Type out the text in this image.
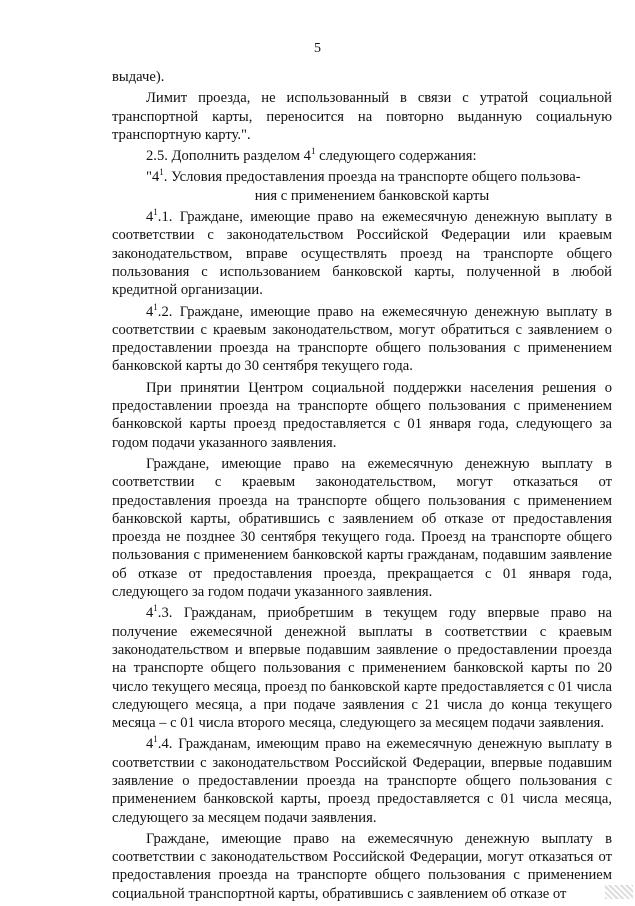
5

выдаче).

Лимит проезда, не использованный в связи с утратой социальной транспортной карты, переносится на повторно выданную социальную транспортную карту.".

2.5. Дополнить разделом $4^1$ следующего содержания:

"$4^1$. Условия предоставления проезда на транспорте общего пользова-
ния с применением банковской карты

$4^1.1$. Граждане, имеющие право на ежемесячную денежную выплату в соответствии с законодательством Российской Федерации или краевым законодательством, вправе осуществлять проезд на транспорте общего пользования с использованием банковской карты, полученной в любой кредитной организации.

$4^1.2$. Граждане, имеющие право на ежемесячную денежную выплату в соответствии с краевым законодательством, могут обратиться с заявлением о предоставлении проезда на транспорте общего пользования с применением банковской карты до 30 сентября текущего года.

При принятии Центром социальной поддержки населения решения о предоставлении проезда на транспорте общего пользования с применением банковской карты проезд предоставляется с 01 января года, следующего за годом подачи указанного заявления.

Граждане, имеющие право на ежемесячную денежную выплату в соответствии с краевым законодательством, могут отказаться от предоставления проезда на транспорте общего пользования с применением банковской карты, обратившись с заявлением об отказе от предоставления проезда не позднее 30 сентября текущего года. Проезд на транспорте общего пользования с применением банковской карты гражданам, подавшим заявление об отказе от предоставления проезда, прекращается с 01 января года, следующего за годом подачи указанного заявления.

$4^1.3$. Гражданам, приобретшим в текущем году впервые право на получение ежемесячной денежной выплаты в соответствии с краевым законодательством и впервые подавшим заявление о предоставлении проезда на транспорте общего пользования с применением банковской карты по 20 число текущего месяца, проезд по банковской карте предоставляется с 01 числа следующего месяца, а при подаче заявления с 21 числа до конца текущего месяца – с 01 числа второго месяца, следующего за месяцем подачи заявления.

$4^1.4$. Гражданам, имеющим право на ежемесячную денежную выплату в соответствии с законодательством Российской Федерации, впервые подавшим заявление о предоставлении проезда на транспорте общего пользования с применением банковской карты, проезд предоставляется с 01 числа месяца, следующего за месяцем подачи заявления.

Граждане, имеющие право на ежемесячную денежную выплату в соответствии с законодательством Российской Федерации, могут отказаться от предоставления проезда на транспорте общего пользования с применением социальной транспортной карты, обратившись с заявлением об отказе от
